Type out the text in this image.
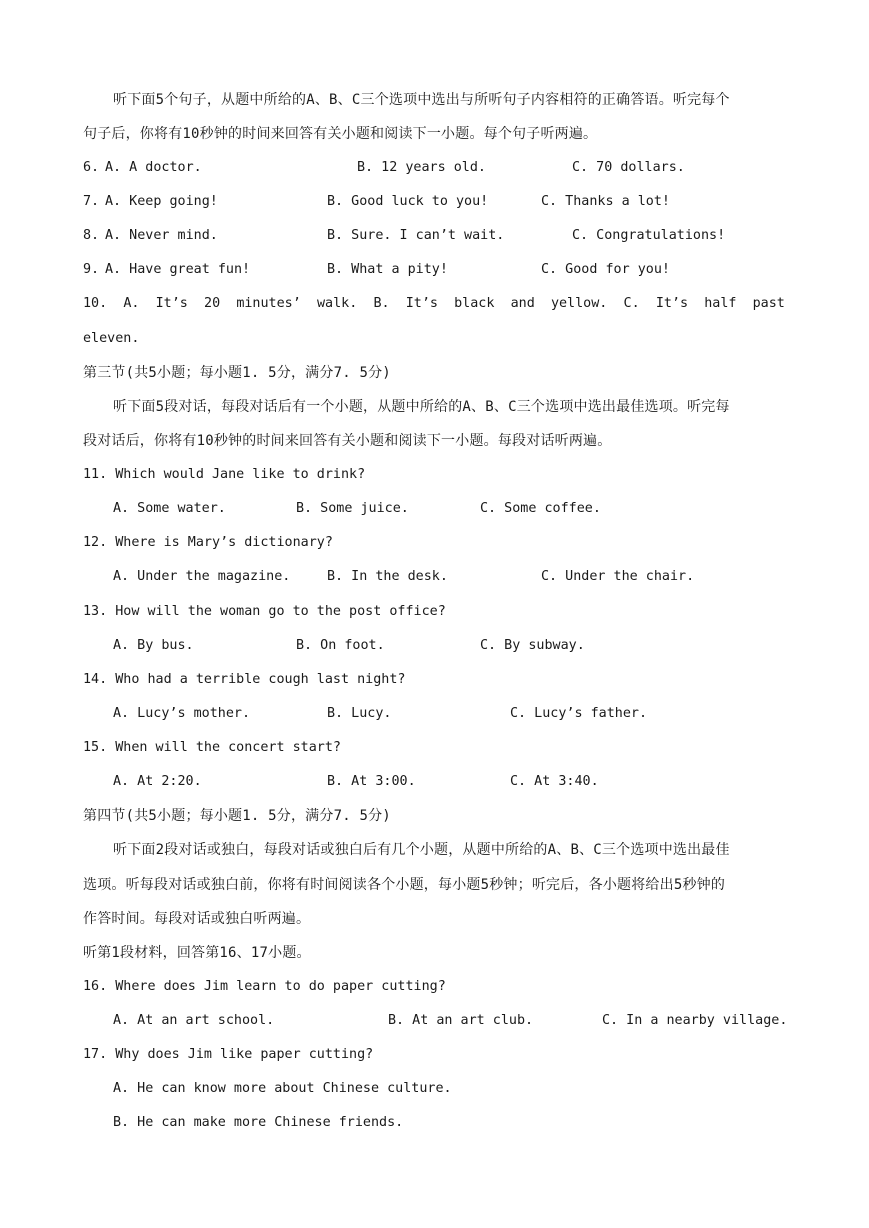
听下面5个句子，从题中所给的A、B、C三个选项中选出与所听句子内容相符的正确答语。听完每个
句子后，你将有10秒钟的时间来回答有关小题和阅读下一小题。每个句子听两遍。
6. A. A doctor.	B. 12 years old.	C. 70 dollars.
7. A. Keep going!	B. Good luck to you!	C. Thanks a lot!
8. A. Never mind.	B. Sure. I can’t wait.	C. Congratulations!
9. A. Have great fun!	B. What a pity!	C. Good for you!
10. A. It’s 20 minutes’ walk. B. It’s black and yellow. C. It’s half past
eleven.
第三节(共5小题；每小题1. 5分，满分7. 5分)
听下面5段对话，每段对话后有一个小题，从题中所给的A、B、C三个选项中选出最佳选项。听完每
段对话后，你将有10秒钟的时间来回答有关小题和阅读下一小题。每段对话听两遍。
11. Which would Jane like to drink?
A. Some water.	B. Some juice.	C. Some coffee.
12. Where is Mary’s dictionary?
A. Under the magazine.	B. In the desk.	C. Under the chair.
13. How will the woman go to the post office?
A. By bus.	B. On foot.	C. By subway.
14. Who had a terrible cough last night?
A. Lucy’s mother.	B. Lucy.	C. Lucy’s father.
15. When will the concert start?
A. At 2:20.	B. At 3:00.	C. At 3:40.
第四节(共5小题；每小题1. 5分，满分7. 5分)
听下面2段对话或独白，每段对话或独白后有几个小题，从题中所给的A、B、C三个选项中选出最佳
选项。听每段对话或独白前，你将有时间阅读各个小题，每小题5秒钟；听完后，各小题将给出5秒钟的
作答时间。每段对话或独白听两遍。
听第1段材料，回答第16、17小题。
16. Where does Jim learn to do paper cutting?
A. At an art school.	B. At an art club.	C. In a nearby village.
17. Why does Jim like paper cutting?
A. He can know more about Chinese culture.
B. He can make more Chinese friends.
